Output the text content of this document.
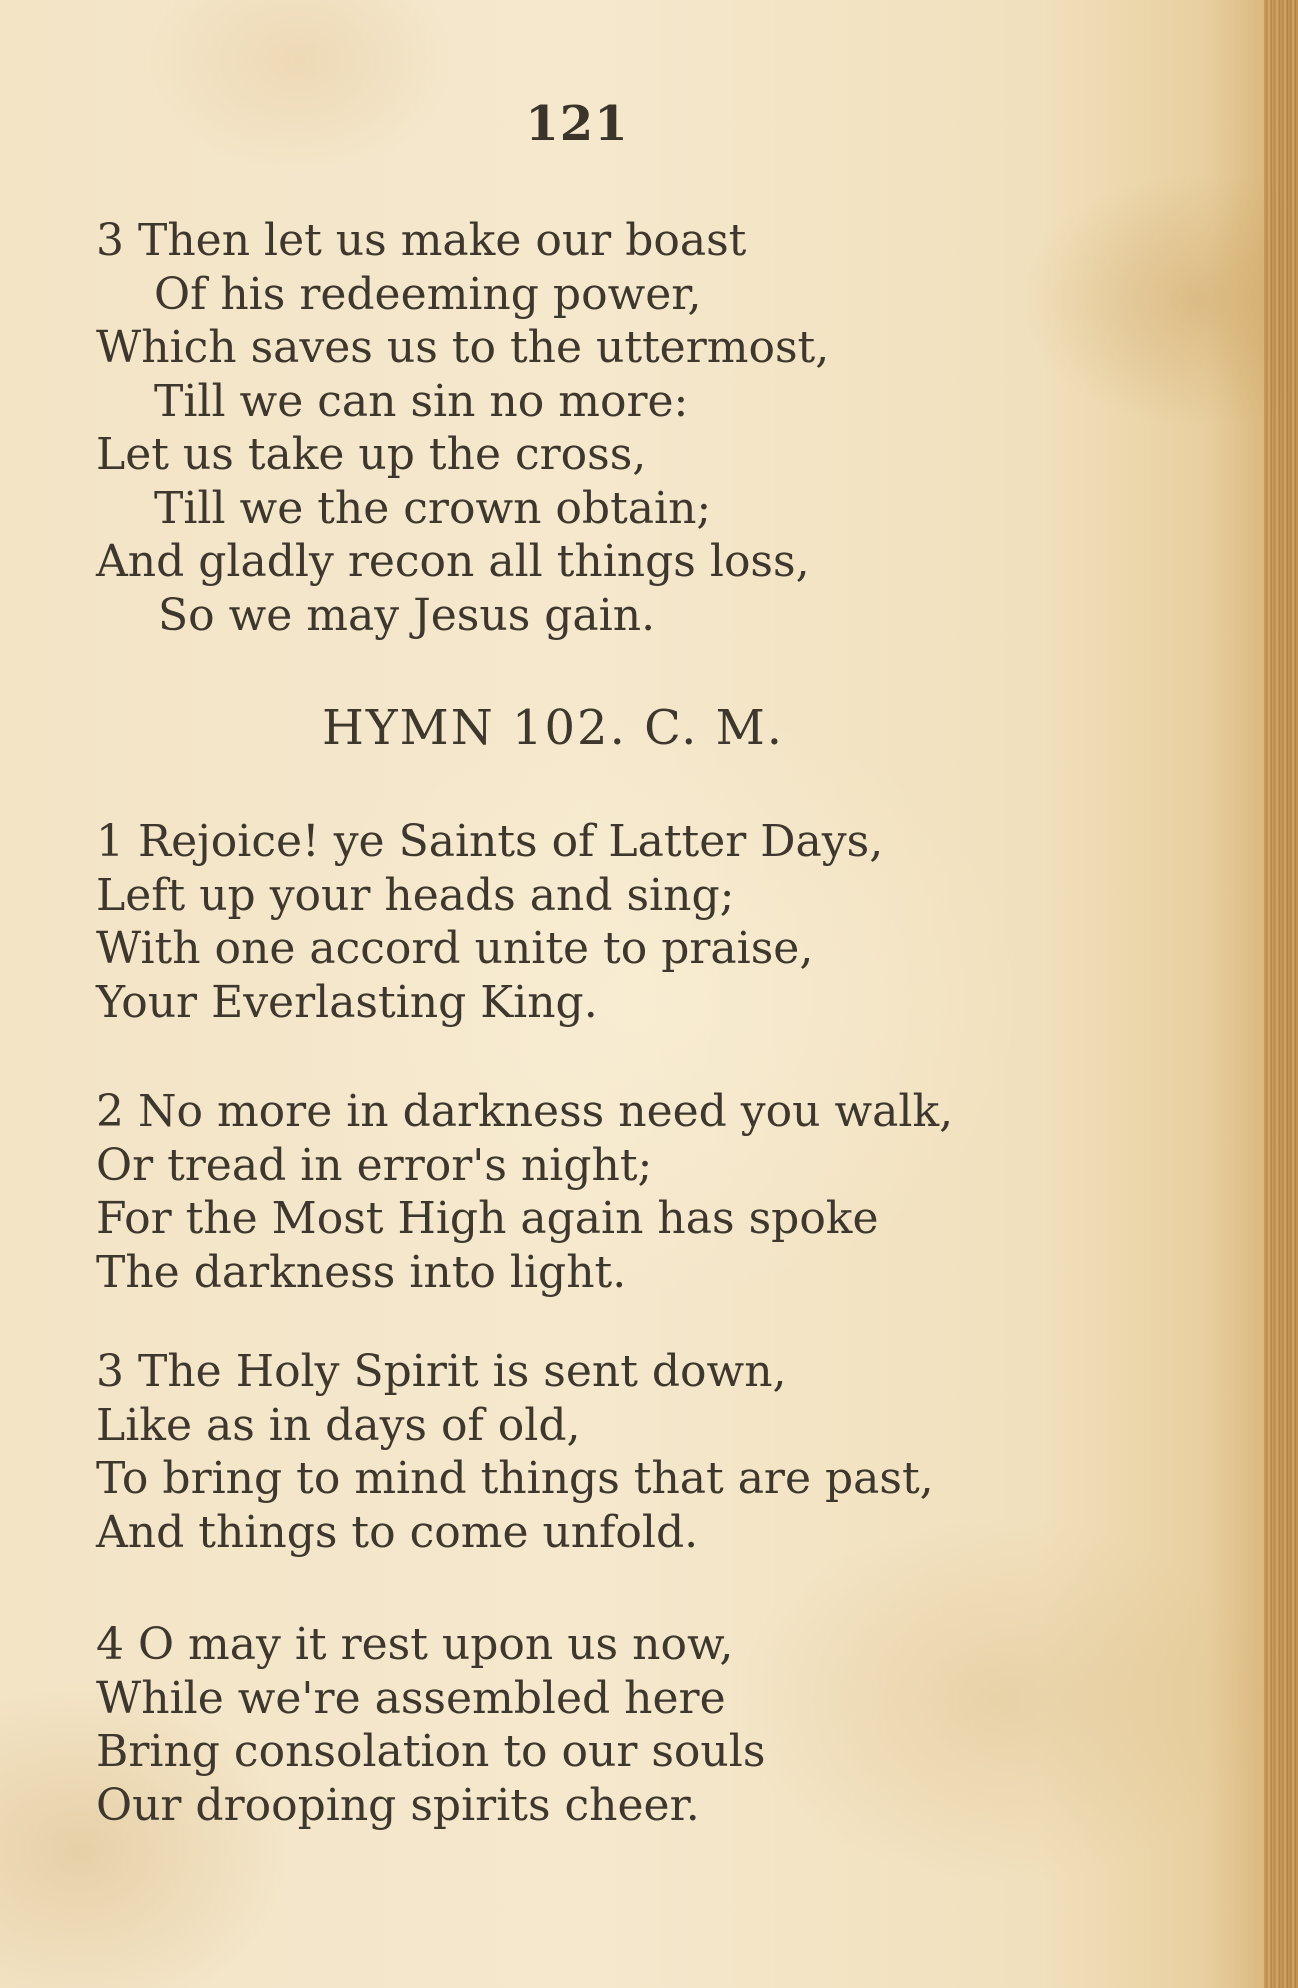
121
3 Then let us make our boast
Of his redeeming power,
Which saves us to the uttermost,
Till we can sin no more:
Let us take up the cross,
Till we the crown obtain;
And gladly recon all things loss,
So we may Jesus gain.
HYMN 102. C. M.
1 Rejoice! ye Saints of Latter Days,
Left up your heads and sing;
With one accord unite to praise,
Your Everlasting King.
2 No more in darkness need you walk,
Or tread in error's night;
For the Most High again has spoke
The darkness into light.
3 The Holy Spirit is sent down,
Like as in days of old,
To bring to mind things that are past,
And things to come unfold.
4 O may it rest upon us now,
While we're assembled here
Bring consolation to our souls
Our drooping spirits cheer.
